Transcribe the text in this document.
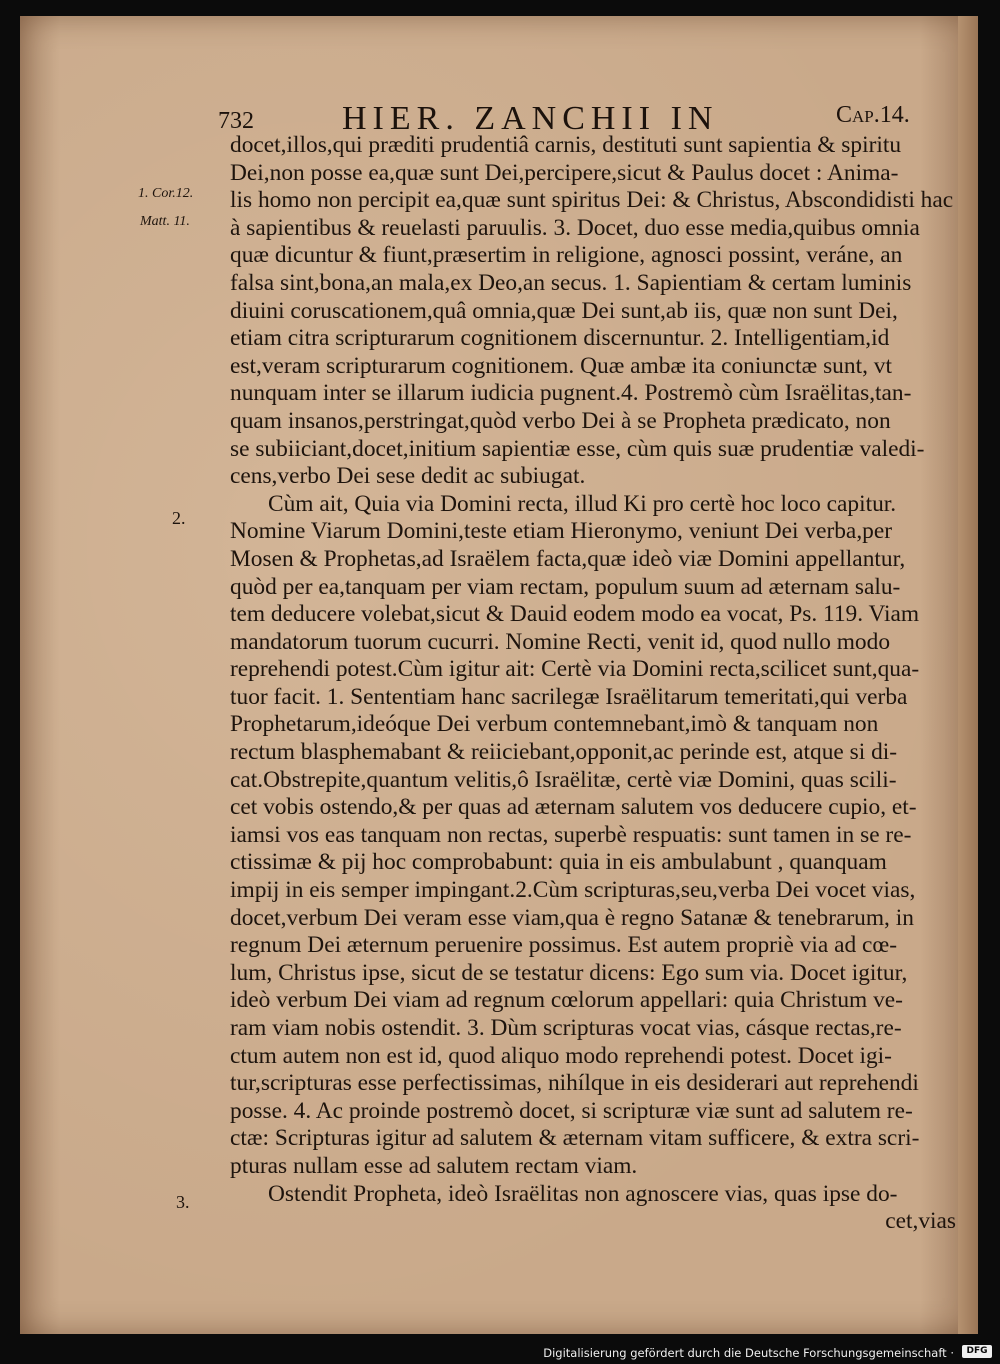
732	HIER. ZANCHII IN	Cap.14.
1. Cor.12.
Matt. 11.
2.
3.
docet,illos,qui præditi prudentiâ carnis, destituti sunt sapientia & spiritu
Dei,non posse ea,quæ sunt Dei,percipere,sicut & Paulus docet : Anima-
lis homo non percipit ea,quæ sunt spiritus Dei: & Christus, Abscondidisti hac
à sapientibus & reuelasti paruulis. 3. Docet, duo esse media,quibus omnia
quæ dicuntur & fiunt,præsertim in religione, agnosci possint, veráne, an
falsa sint,bona,an mala,ex Deo,an secus. 1. Sapientiam & certam luminis
diuini coruscationem,quâ omnia,quæ Dei sunt,ab iis, quæ non sunt Dei,
etiam citra scripturarum cognitionem discernuntur. 2. Intelligentiam,id
est,veram scripturarum cognitionem. Quæ ambæ ita coniunctæ sunt, vt
nunquam inter se illarum iudicia pugnent.4. Postremò cùm Israëlitas,tan-
quam insanos,perstringat,quòd verbo Dei à se Propheta prædicato, non
se subiiciant,docet,initium sapientiæ esse, cùm quis suæ prudentiæ valedi-
cens,verbo Dei sese dedit ac subiugat.
Cùm ait, Quia via Domini recta, illud Ki pro certè hoc loco capitur.
Nomine Viarum Domini,teste etiam Hieronymo, veniunt Dei verba,per
Mosen & Prophetas,ad Israëlem facta,quæ ideò viæ Domini appellantur,
quòd per ea,tanquam per viam rectam, populum suum ad æternam salu-
tem deducere volebat,sicut & Dauid eodem modo ea vocat, Ps. 119. Viam
mandatorum tuorum cucurri. Nomine Recti, venit id, quod nullo modo
reprehendi potest.Cùm igitur ait: Certè via Domini recta,scilicet sunt,qua-
tuor facit. 1. Sententiam hanc sacrilegæ Israëlitarum temeritati,qui verba
Prophetarum,ideóque Dei verbum contemnebant,imò & tanquam non
rectum blasphemabant & reiiciebant,opponit,ac perinde est, atque si di-
cat.Obstrepite,quantum velitis,ô Israëlitæ, certè viæ Domini, quas scili-
cet vobis ostendo,& per quas ad æternam salutem vos deducere cupio, et-
iamsi vos eas tanquam non rectas, superbè respuatis: sunt tamen in se re-
ctissimæ & pij hoc comprobabunt: quia in eis ambulabunt , quanquam
impij in eis semper impingant.2.Cùm scripturas,seu,verba Dei vocet vias,
docet,verbum Dei veram esse viam,qua è regno Satanæ & tenebrarum, in
regnum Dei æternum peruenire possimus. Est autem propriè via ad cœ-
lum, Christus ipse, sicut de se testatur dicens: Ego sum via. Docet igitur,
ideò verbum Dei viam ad regnum cœlorum appellari: quia Christum ve-
ram viam nobis ostendit. 3. Dùm scripturas vocat vias, cásque rectas,re-
ctum autem non est id, quod aliquo modo reprehendi potest. Docet igi-
tur,scripturas esse perfectissimas, nihílque in eis desiderari aut reprehendi
posse. 4. Ac proinde postremò docet, si scripturæ viæ sunt ad salutem re-
ctæ: Scripturas igitur ad salutem & æternam vitam sufficere, & extra scri-
pturas nullam esse ad salutem rectam viam.
Ostendit Propheta, ideò Israëlitas non agnoscere vias, quas ipse do-
cet,vias
Digitalisierung gefördert durch die Deutsche Forschungsgemeinschaft ·	DFG
